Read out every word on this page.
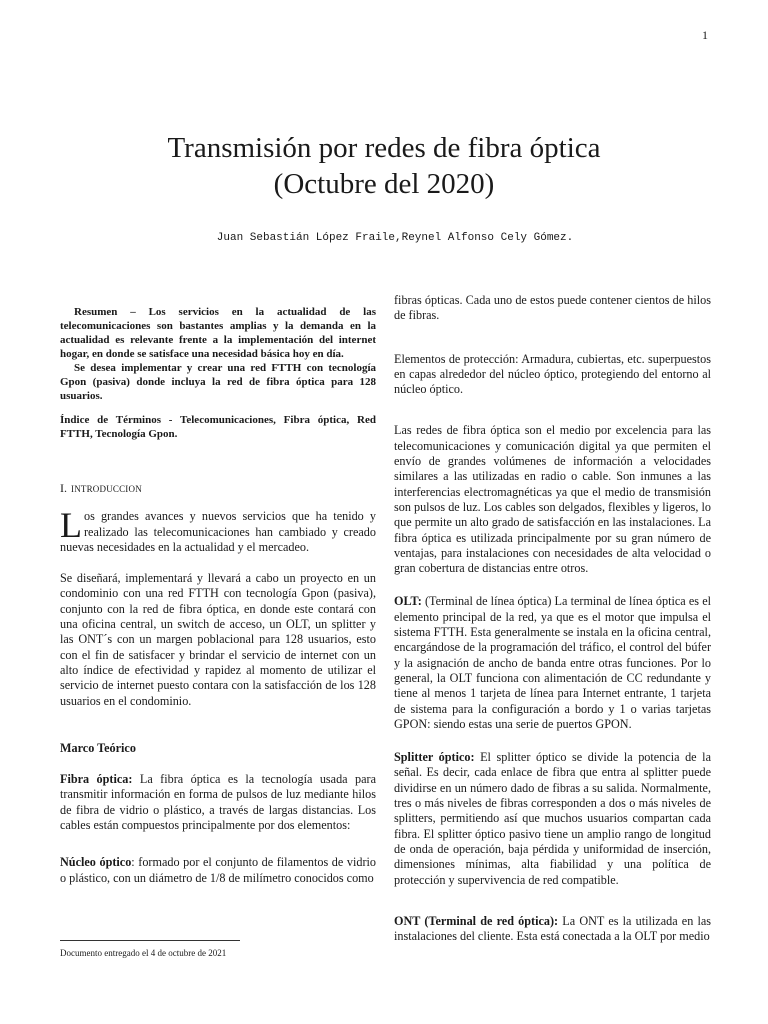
1
Transmisión por redes de fibra óptica
(Octubre del 2020)
Juan Sebastián López Fraile,Reynel Alfonso Cely Gómez.

Resumen – Los servicios en la actualidad de las telecomunicaciones son bastantes amplias y la demanda en la actualidad es relevante frente a la implementación del internet hogar, en donde se satisface una necesidad básica hoy en día.

Se desea implementar y crear una red FTTH con tecnología Gpon (pasiva) donde incluya la red de fibra óptica para 128 usuarios.

Índice de Términos - Telecomunicaciones, Fibra óptica, Red FTTH, Tecnología Gpon.

I. INTRODUCCION

Los grandes avances y nuevos servicios que ha tenido y realizado las telecomunicaciones han cambiado y creado nuevas necesidades en la actualidad y el mercadeo.

Se diseñará, implementará y llevará a cabo un proyecto en un condominio con una red FTTH con tecnología Gpon (pasiva), conjunto con la red de fibra óptica, en donde este contará con una oficina central, un switch de acceso, un OLT, un splitter y las ONT´s con un margen poblacional para 128 usuarios, esto con el fin de satisfacer y brindar el servicio de internet con un alto índice de efectividad y rapidez al momento de utilizar el servicio de internet puesto contara con la satisfacción de los 128 usuarios en el condominio.

Marco Teórico

Fibra óptica: La fibra óptica es la tecnología usada para transmitir información en forma de pulsos de luz mediante hilos de fibra de vidrio o plástico, a través de largas distancias. Los cables están compuestos principalmente por dos elementos:

Núcleo óptico: formado por el conjunto de filamentos de vidrio o plástico, con un diámetro de 1/8 de milímetro conocidos como

fibras ópticas. Cada uno de estos puede contener cientos de hilos de fibras.

Elementos de protección: Armadura, cubiertas, etc. superpuestos en capas alrededor del núcleo óptico, protegiendo del entorno al núcleo óptico.

Las redes de fibra óptica son el medio por excelencia para las telecomunicaciones y comunicación digital ya que permiten el envío de grandes volúmenes de información a velocidades similares a las utilizadas en radio o cable. Son inmunes a las interferencias electromagnéticas ya que el medio de transmisión son pulsos de luz. Los cables son delgados, flexibles y ligeros, lo que permite un alto grado de satisfacción en las instalaciones. La fibra óptica es utilizada principalmente por su gran número de ventajas, para instalaciones con necesidades de alta velocidad o gran cobertura de distancias entre otros.

OLT: (Terminal de línea óptica) La terminal de línea óptica es el elemento principal de la red, ya que es el motor que impulsa el sistema FTTH. Esta generalmente se instala en la oficina central, encargándose de la programación del tráfico, el control del búfer y la asignación de ancho de banda entre otras funciones. Por lo general, la OLT funciona con alimentación de CC redundante y tiene al menos 1 tarjeta de línea para Internet entrante, 1 tarjeta de sistema para la configuración a bordo y 1 o varias tarjetas GPON: siendo estas una serie de puertos GPON.

Splitter óptico: El splitter óptico se divide la potencia de la señal. Es decir, cada enlace de fibra que entra al splitter puede dividirse en un número dado de fibras a su salida. Normalmente, tres o más niveles de fibras corresponden a dos o más niveles de splitters, permitiendo así que muchos usuarios compartan cada fibra. El splitter óptico pasivo tiene un amplio rango de longitud de onda de operación, baja pérdida y uniformidad de inserción, dimensiones mínimas, alta fiabilidad y una política de protección y supervivencia de red compatible.

ONT (Terminal de red óptica): La ONT es la utilizada en las instalaciones del cliente. Esta está conectada a la OLT por medio

Documento entregado el 4 de octubre de 2021
